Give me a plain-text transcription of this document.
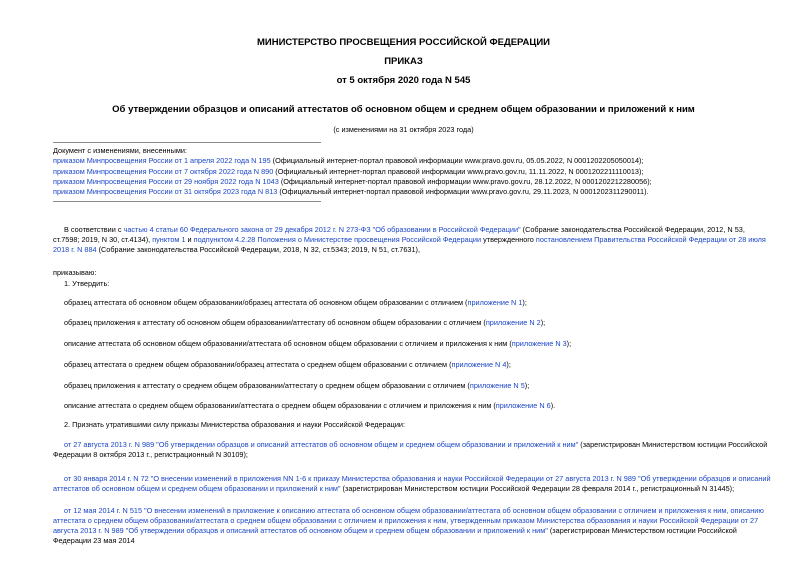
МИНИСТЕРСТВО ПРОСВЕЩЕНИЯ РОССИЙСКОЙ ФЕДЕРАЦИИ
ПРИКАЗ
от 5 октября 2020 года N 545
Об утверждении образцов и описаний аттестатов об основном общем и среднем общем образовании и приложений к ним
(с изменениями на 31 октября 2023 года)
Документ с изменениями, внесенными:
приказом Минпросвещения России от 1 апреля 2022 года N 195 (Официальный интернет-портал правовой информации www.pravo.gov.ru, 05.05.2022, N 0001202205050014);
приказом Минпросвещения России от 7 октября 2022 года N 890 (Официальный интернет-портал правовой информации www.pravo.gov.ru, 11.11.2022, N 0001202211110013);
приказом Минпросвещения России от 29 ноября 2022 года N 1043 (Официальный интернет-портал правовой информации www.pravo.gov.ru, 28.12.2022, N 0001202212280056);
приказом Минпросвещения России от 31 октября 2023 года N 813 (Официальный интернет-портал правовой информации www.pravo.gov.ru, 29.11.2023, N 0001202311290011).
В соответствии с частью 4 статьи 60 Федерального закона от 29 декабря 2012 г. N 273-ФЗ "Об образовании в Российской Федерации" (Собрание законодательства Российской Федерации, 2012, N 53, ст.7598; 2019, N 30, ст.4134), пунктом 1 и подпунктом 4.2.28 Положения о Министерстве просвещения Российской Федерации утвержденного постановлением Правительства Российской Федерации от 28 июля 2018 г. N 884 (Собрание законодательства Российской Федерации, 2018, N 32, ст.5343; 2019, N 51, ст.7631),
приказываю:
1. Утвердить:
образец аттестата об основном общем образовании/образец аттестата об основном общем образовании с отличием (приложение N 1);
образец приложения к аттестату об основном общем образовании/аттестату об основном общем образовании с отличием (приложение N 2);
описание аттестата об основном общем образовании/аттестата об основном общем образовании с отличием и приложения к ним (приложение N 3);
образец аттестата о среднем общем образовании/образец аттестата о среднем общем образовании с отличием (приложение N 4);
образец приложения к аттестату о среднем общем образовании/аттестату о среднем общем образовании с отличием (приложение N 5);
описание аттестата о среднем общем образовании/аттестата о среднем общем образовании с отличием и приложения к ним (приложение N 6).
2. Признать утратившими силу приказы Министерства образования и науки Российской Федерации:
от 27 августа 2013 г. N 989 "Об утверждении образцов и описаний аттестатов об основном общем и среднем общем образовании и приложений к ним" (зарегистрирован Министерством юстиции Российской Федерации 8 октября 2013 г., регистрационный N 30109);
от 30 января 2014 г. N 72 "О внесении изменений в приложения NN 1-6 к приказу Министерства образования и науки Российской Федерации от 27 августа 2013 г. N 989 "Об утверждении образцов и описаний аттестатов об основном общем и среднем общем образовании и приложений к ним" (зарегистрирован Министерством юстиции Российской Федерации 28 февраля 2014 г., регистрационный N 31445);
от 12 мая 2014 г. N 515 "О внесении изменений в приложение к описанию аттестата об основном общем образовании/аттестата об основном общем образовании с отличием и приложения к ним, описанию аттестата о среднем общем образовании/аттестата о среднем общем образовании с отличием и приложения к ним, утвержденным приказом Министерства образования и науки Российской Федерации от 27 августа 2013 г. N 989 "Об утверждении образцов и описаний аттестатов об основном общем и среднем общем образовании и приложений к ним" (зарегистрирован Министерством юстиции Российской Федерации 23 мая 2014
